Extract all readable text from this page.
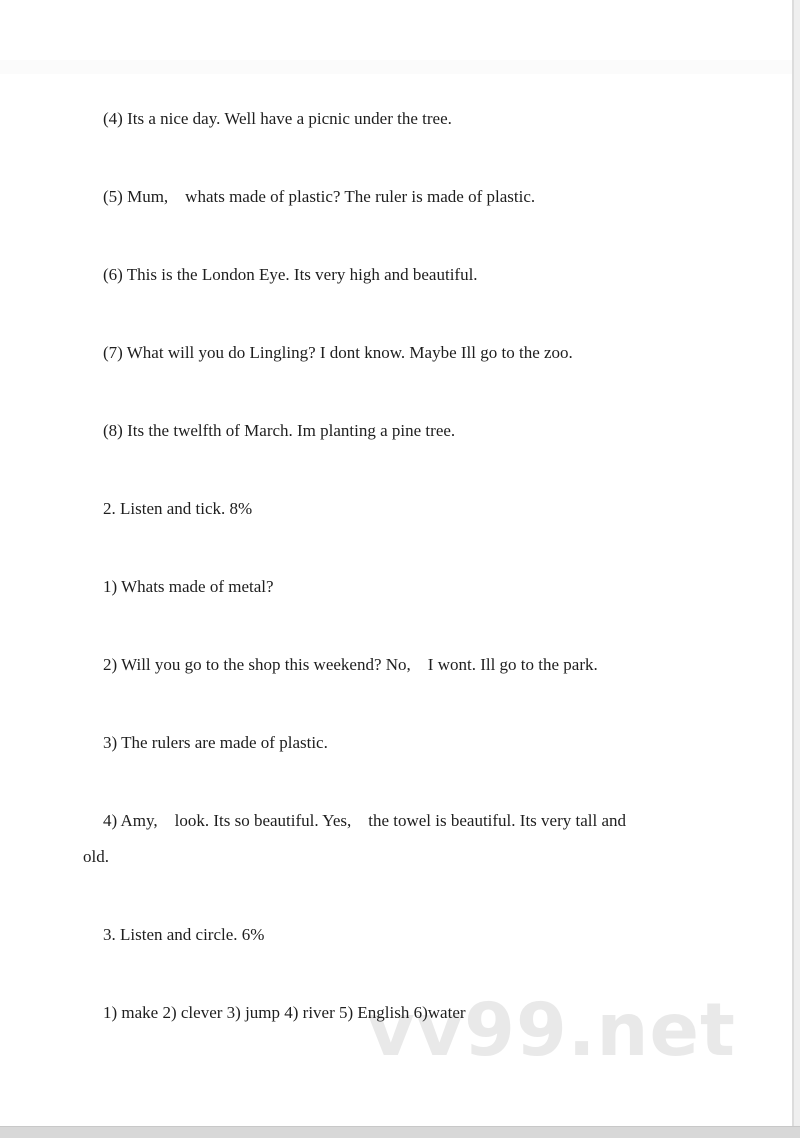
vv99.net
(4) Its a nice day. Well have a picnic under the tree.
(5) Mum,    whats made of plastic? The ruler is made of plastic.
(6) This is the London Eye. Its very high and beautiful.
(7) What will you do Lingling? I dont know. Maybe Ill go to the zoo.
(8) Its the twelfth of March. Im planting a pine tree.
2. Listen and tick. 8%
1) Whats made of metal?
2) Will you go to the shop this weekend? No,    I wont. Ill go to the park.
3) The rulers are made of plastic.
4) Amy,    look. Its so beautiful. Yes,    the towel is beautiful. Its very tall and
old.
3. Listen and circle. 6%
1) make 2) clever 3) jump 4) river 5) English 6)water
